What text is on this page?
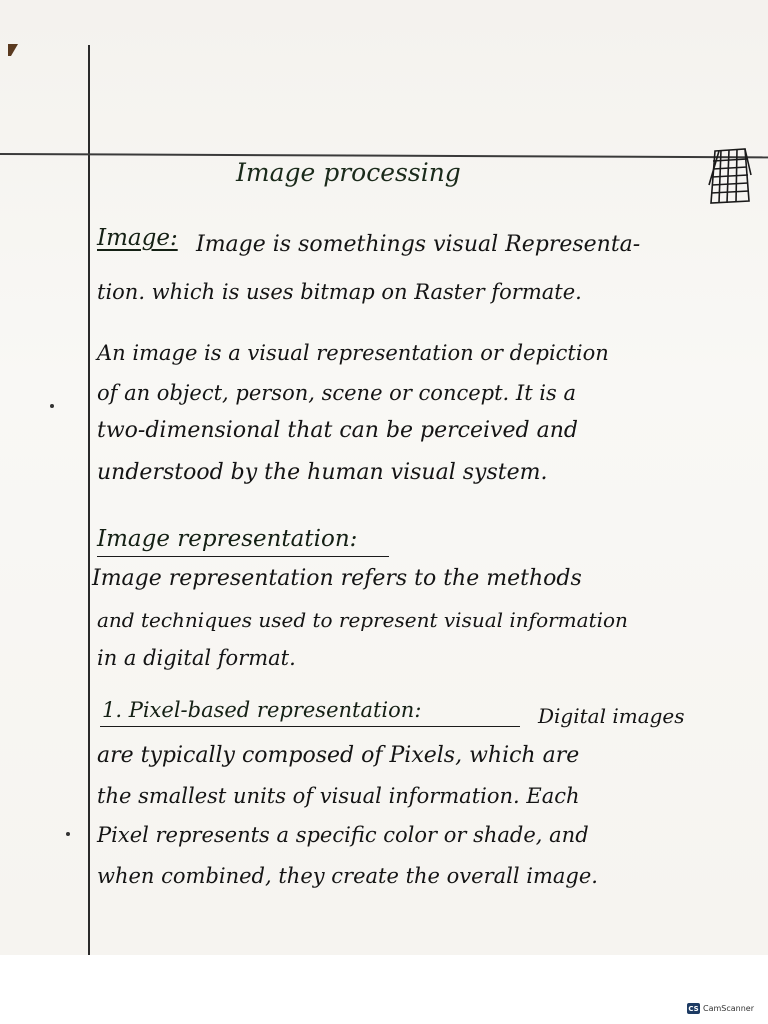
Image processing

Image: Image is somethings visual Representa-
tion. which is uses bitmap on Raster formate.
An image is a visual representation or depiction
of an object, person, scene or concept. It is a
two-dimensional that can be perceived and
understood by the human visual system.
Image representation:
Image representation refers to the methods
and techniques used to represent visual information
in a digital format.
1. Pixel-based representation:	Digital images
are typically composed of Pixels, which are
the smallest units of visual information. Each
Pixel represents a specific color or shade, and
when combined, they create the overall image.
CS CamScanner
